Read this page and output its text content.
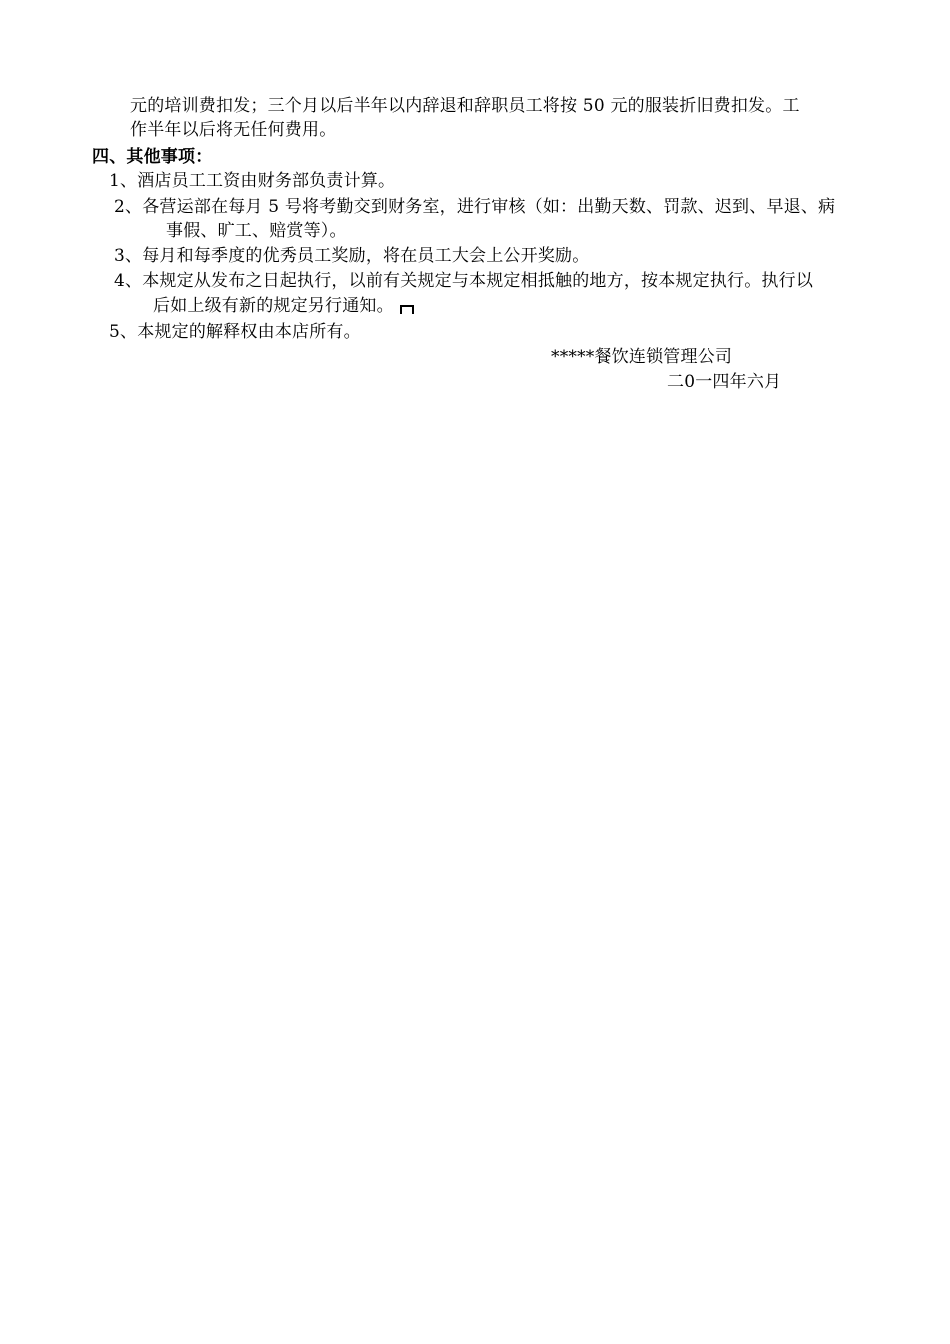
元的培训费扣发；三个月以后半年以内辞退和辞职员工将按 50 元的服装折旧费扣发。工
作半年以后将无任何费用。
四、其他事项：
1、酒店员工工资由财务部负责计算。
2、各营运部在每月 5 号将考勤交到财务室，进行审核（如：出勤天数、罚款、迟到、早退、病
事假、旷工、赔赏等）。
3、每月和每季度的优秀员工奖励，将在员工大会上公开奖励。
4、本规定从发布之日起执行，以前有关规定与本规定相抵触的地方，按本规定执行。执行以
后如上级有新的规定另行通知。
5、本规定的解释权由本店所有。
*****餐饮连锁管理公司
二0一四年六月
